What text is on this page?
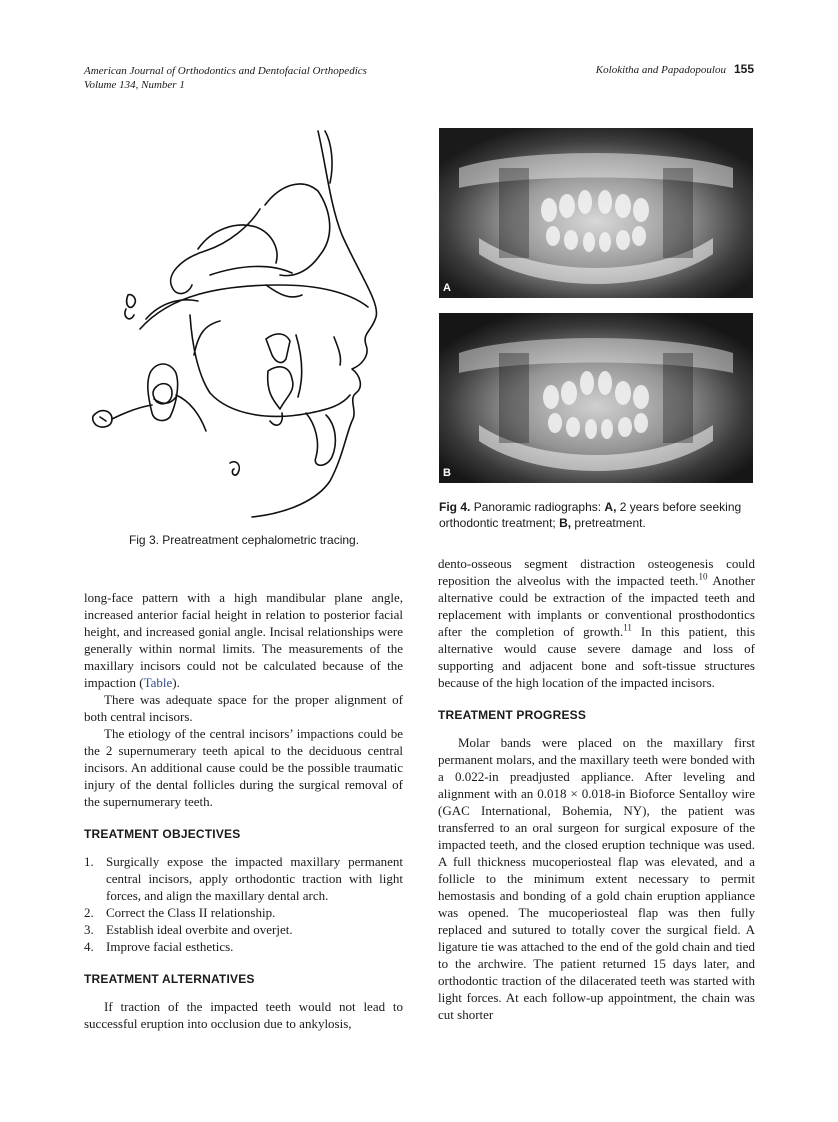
American Journal of Orthodontics and Dentofacial Orthopedics
Volume 134, Number 1
Kolokitha and Papadopoulou 155
Fig 3. Preatreatment cephalometric tracing.
A
B
Fig 4. Panoramic radiographs: A, 2 years before seeking orthodontic treatment; B, pretreatment.

long-face pattern with a high mandibular plane angle, increased anterior facial height in relation to posterior facial height, and increased gonial angle. Incisal relationships were generally within normal limits. The measurements of the maxillary incisors could not be calculated because of the impaction (Table).

There was adequate space for the proper alignment of both central incisors.

The etiology of the central incisors’ impactions could be the 2 supernumerary teeth apical to the deciduous central incisors. An additional cause could be the possible traumatic injury of the dental follicles during the surgical removal of the supernumerary teeth.

TREATMENT OBJECTIVES
1. Surgically expose the impacted maxillary permanent central incisors, apply orthodontic traction with light forces, and align the maxillary dental arch.
2. Correct the Class II relationship.
3. Establish ideal overbite and overjet.
4. Improve facial esthetics.
TREATMENT ALTERNATIVES

If traction of the impacted teeth would not lead to successful eruption into occlusion due to ankylosis,

dento-osseous segment distraction osteogenesis could reposition the alveolus with the impacted teeth.$^{10}$ Another alternative could be extraction of the impacted teeth and replacement with implants or conventional prosthodontics after the completion of growth.$^{11}$ In this patient, this alternative would cause severe damage and loss of supporting and adjacent bone and soft-tissue structures because of the high location of the impacted incisors.

TREATMENT PROGRESS

Molar bands were placed on the maxillary first permanent molars, and the maxillary teeth were bonded with a 0.022-in preadjusted appliance. After leveling and alignment with an 0.018 × 0.018-in Bioforce Sentalloy wire (GAC International, Bohemia, NY), the patient was transferred to an oral surgeon for surgical exposure of the impacted teeth, and the closed eruption technique was used. A full thickness mucoperiosteal flap was elevated, and a follicle to the minimum extent necessary to permit hemostasis and bonding of a gold chain eruption appliance was opened. The mucoperiosteal flap was then fully replaced and sutured to totally cover the surgical field. A ligature tie was attached to the end of the gold chain and tied to the archwire. The patient returned 15 days later, and orthodontic traction of the dilacerated teeth was started with light forces. At each follow-up appointment, the chain was cut shorter
